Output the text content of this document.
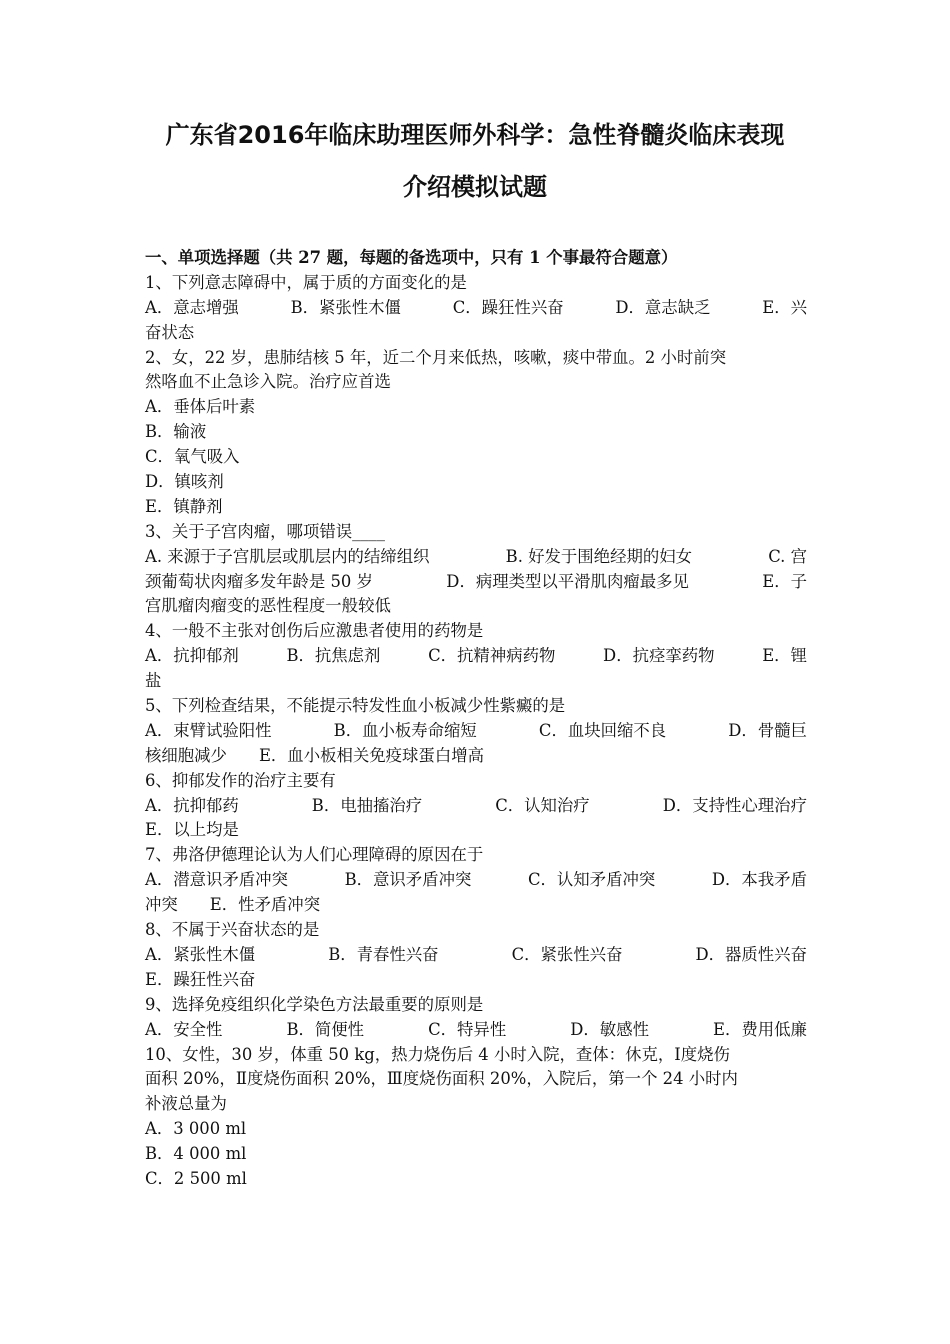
广东省2016年临床助理医师外科学：急性脊髓炎临床表现
介绍模拟试题
一、单项选择题（共 27 题，每题的备选项中，只有 1 个事最符合题意）
1、下列意志障碍中，属于质的方面变化的是
A．意志增强	B．紧张性木僵	C．躁狂性兴奋	D．意志缺乏	E．兴
奋状态
2、女，22 岁，患肺结核 5 年，近二个月来低热，咳嗽，痰中带血。2 小时前突
然咯血不止急诊入院。治疗应首选
A．垂体后叶素
B．输液
C．氧气吸入
D．镇咳剂
E．镇静剂
3、关于子宫肉瘤，哪项错误____
A. 来源于子宫肌层或肌层内的结缔组织	B. 好发于围绝经期的妇女	C. 宫
颈葡萄状肉瘤多发年龄是 50 岁	D．病理类型以平滑肌肉瘤最多见	E．子
宫肌瘤肉瘤变的恶性程度一般较低
4、一般不主张对创伤后应激患者使用的药物是
A．抗抑郁剂	B．抗焦虑剂	C．抗精神病药物	D．抗痉挛药物	E．锂
盐
5、下列检查结果，不能提示特发性血小板减少性紫癜的是
A．束臂试验阳性	B．血小板寿命缩短	C．血块回缩不良	D．骨髓巨
核细胞减少 E．血小板相关免疫球蛋白增高
6、抑郁发作的治疗主要有
A．抗抑郁药	B．电抽搐治疗	C．认知治疗	D．支持性心理治疗
E．以上均是
7、弗洛伊德理论认为人们心理障碍的原因在于
A．潜意识矛盾冲突	B．意识矛盾冲突	C．认知矛盾冲突	D．本我矛盾
冲突 E．性矛盾冲突
8、不属于兴奋状态的是
A．紧张性木僵	B．青春性兴奋	C．紧张性兴奋	D．器质性兴奋
E．躁狂性兴奋
9、选择免疫组织化学染色方法最重要的原则是
A．安全性	B．简便性	C．特异性	D．敏感性	E．费用低廉
10、女性，30 岁，体重 50 kg，热力烧伤后 4 小时入院，查体：休克，Ⅰ度烧伤
面积 20%，Ⅱ度烧伤面积 20%，Ⅲ度烧伤面积 20%，入院后，第一个 24 小时内
补液总量为
A．3 000 ml
B．4 000 ml
C．2 500 ml
